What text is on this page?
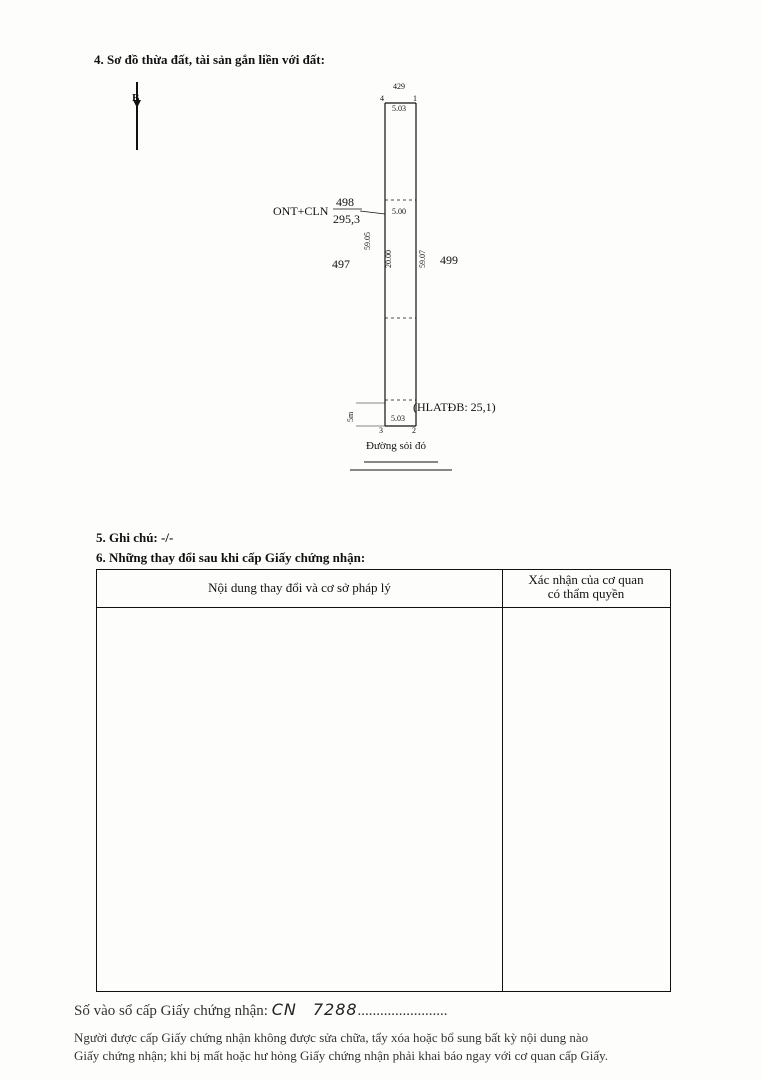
4. Sơ đồ thừa đất, tài sản gắn liền với đất:
B
429
4	1
5.03
5.00
ONT+CLN
498
295,3
497	499
59.05
20.00	59.07
5m
(HLATĐB: 25,1)
5.03
3	2
Đường sỏi đỏ
5. Ghi chú: -/-
6. Những thay đổi sau khi cấp Giấy chứng nhận:
Nội dung thay đổi và cơ sở pháp lý
Xác nhận của cơ quan
có thẩm quyền
Số vào sổ cấp Giấy chứng nhận: CN 7288........................
Người được cấp Giấy chứng nhận không được sửa chữa, tẩy xóa hoặc bổ sung bất kỳ nội dung nào
Giấy chứng nhận; khi bị mất hoặc hư hỏng Giấy chứng nhận phải khai báo ngay với cơ quan cấp Giấy.
